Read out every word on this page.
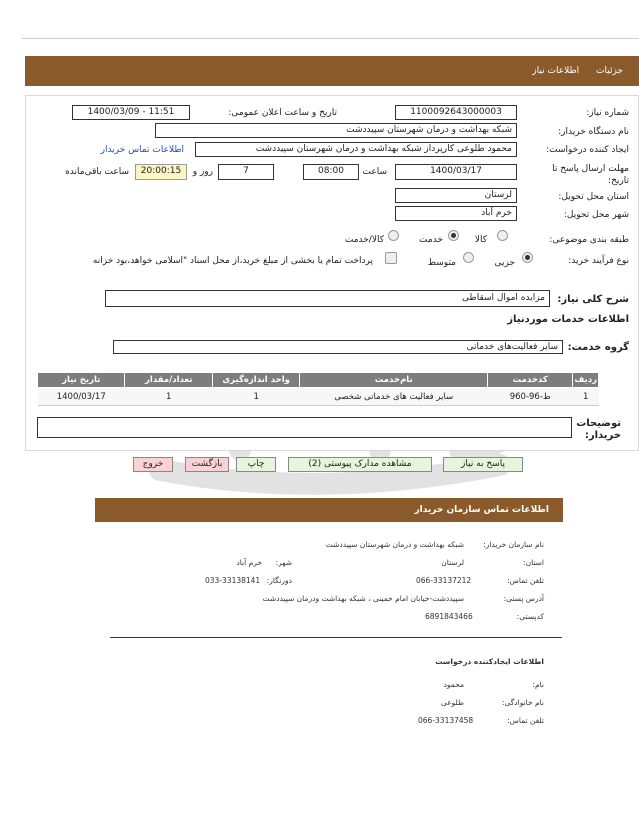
جزئیات اطلاعات نیاز
شماره نیاز:
1100092643000003
تاریخ و ساعت اعلان عمومی:
1400/03/09 - 11:51
نام دستگاه خریدار:
شبکه بهداشت و درمان شهرستان سپیددشت
ایجاد کننده درخواست:
محمود طلوعی کارپرداز شبکه بهداشت و درمان شهرستان سپیددشت
اطلاعات تماس خریدار
مهلت ارسال پاسخ تا تاریخ:
1400/03/17
ساعت
08:00
7
روز و
20:00:15
ساعت باقی‌مانده
استان محل تحویل:
لرستان
شهر محل تحویل:
خرم آباد
طبقه بندی موضوعی:
کالا
خدمت
کالا/خدمت
نوع فرآیند خرید:
جزیی
متوسط
پرداخت تمام یا بخشی از مبلغ خرید،از محل اسناد "اسلامی خواهد،بود خزانه
شرح کلی نیاز:
مزایده اموال اسقاطی
اطلاعات خدمات موردنیاز
گروه خدمت:
سایر فعالیت‌های خدماتی
ردیف	کدخدمت	نام‌خدمت	واحد اندازه‌گیری	تعداد/مقدار	تاریخ نیاز
1	ط-96-960	سایر فعالیت های خدماتی شخصی	1	1	1400/03/17
توضیحات خریدار:
پاسخ به نیاز
مشاهده مدارک پیوستی (2)
چاپ
بازگشت
خروج
اطلاعات تماس سازمان خریدار
نام سازمان خریدار:
شبکه بهداشت و درمان شهرستان سپیددشت
استان:
لرستان
شهر:
خرم آباد
تلفن تماس:
066-33137212
دورنگار:
033-33138141
آدرس پستی:
سپیددشت-خیابان امام خمینی ، شبکه بهداشت ودرمان سپیددشت
کدپستی:
6891843466
اطلاعات ایجادکننده درخواست
نام:
محمود
نام خانوادگی:
طلوعی
تلفن تماس:
066-33137458
